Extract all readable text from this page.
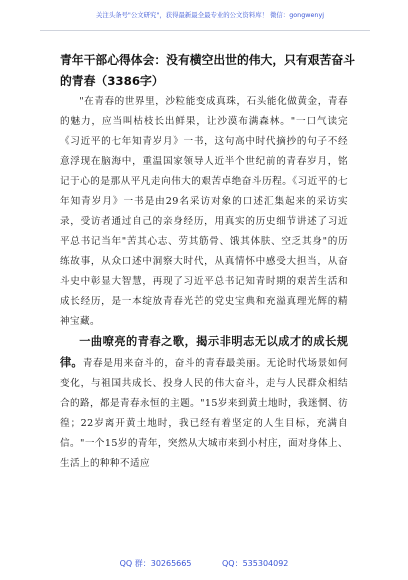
关注头条号"公文研究"，获得最新最全最专业的公文资料库！ 微信：gongwenyj
青年干部心得体会：没有横空出世的伟大，只有艰苦奋斗的青春（3386字）

"在青春的世界里，沙粒能变成真珠，石头能化做黄金，青春的魅力，应当叫枯枝长出鲜果，让沙漠布满森林。"一口气读完《习近平的七年知青岁月》一书，这句高中时代摘抄的句子不经意浮现在脑海中，重温国家领导人近半个世纪前的青春岁月，铭记于心的是那从平凡走向伟大的艰苦卓绝奋斗历程。《习近平的七年知青岁月》一书是由29名采访对象的口述汇集起来的采访实录，受访者通过自己的亲身经历，用真实的历史细节讲述了习近平总书记当年"苦其心志、劳其筋骨、饿其体肤、空乏其身"的历练故事，从众口述中洞察大时代，从真情怀中感受大担当，从奋斗史中彰显大智慧，再现了习近平总书记知青时期的艰苦生活和成长经历，是一本绽放青春光芒的党史宝典和充溢真理光辉的精神宝藏。

一曲嘹亮的青春之歌，揭示非明志无以成才的成长规律。青春是用来奋斗的，奋斗的青春最美丽。无论时代场景如何变化，与祖国共成长、投身人民的伟大奋斗，走与人民群众相结合的路，都是青春永恒的主题。"15岁来到黄土地时，我迷惘、彷徨；22岁离开黄土地时，我已经有着坚定的人生目标，充满自信。"一个15岁的青年，突然从大城市来到小村庄，面对身体上、生活上的种种不适应

QQ 群：30265665	QQ：535304092
